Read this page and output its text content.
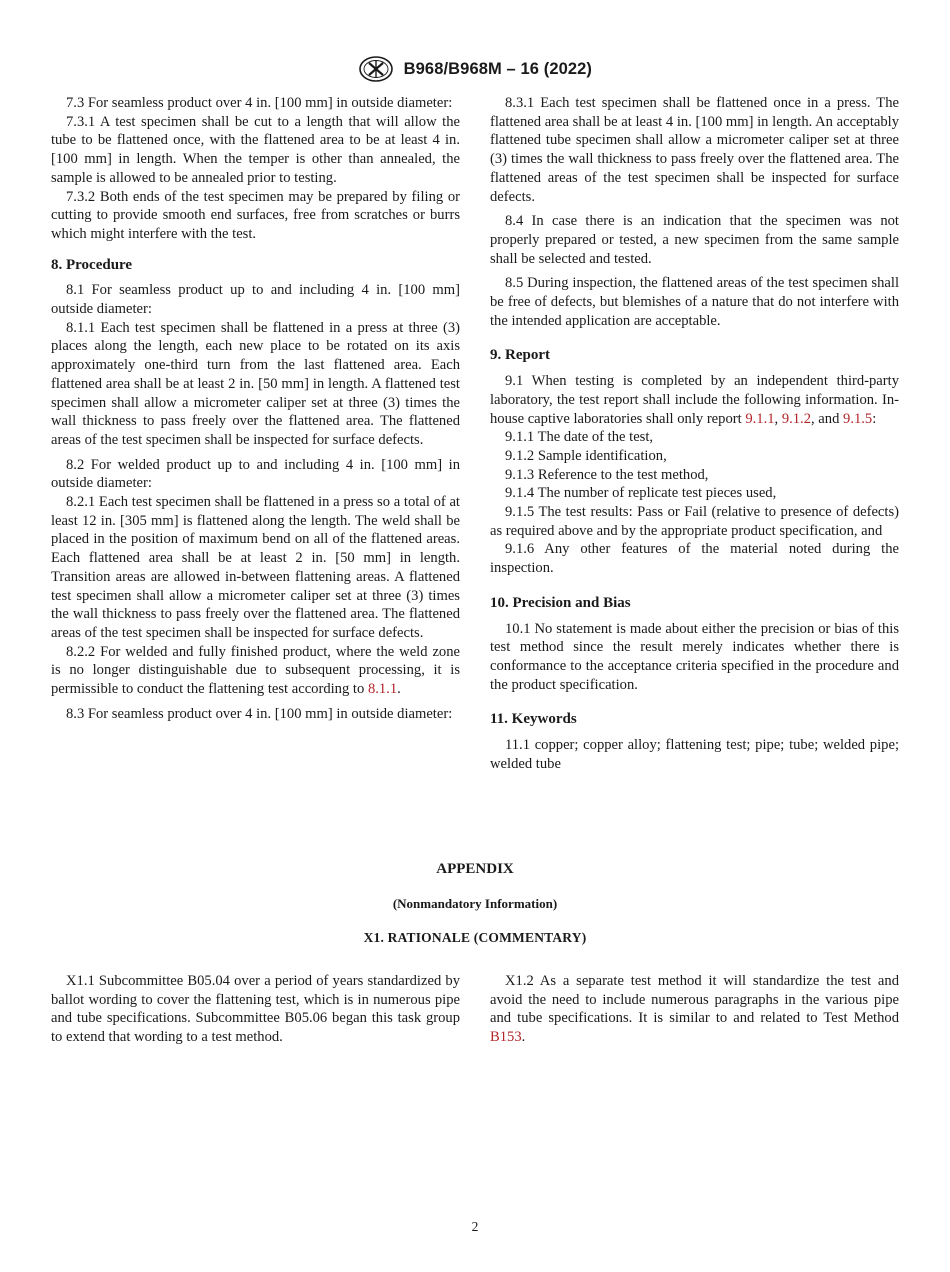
B968/B968M – 16 (2022)

7.3 For seamless product over 4 in. [100 mm] in outside diameter:

7.3.1 A test specimen shall be cut to a length that will allow the tube to be flattened once, with the flattened area to be at least 4 in. [100 mm] in length. When the temper is other than annealed, the sample is allowed to be annealed prior to testing.

7.3.2 Both ends of the test specimen may be prepared by filing or cutting to provide smooth end surfaces, free from scratches or burrs which might interfere with the test.

8. Procedure

8.1 For seamless product up to and including 4 in. [100 mm] outside diameter:

8.1.1 Each test specimen shall be flattened in a press at three (3) places along the length, each new place to be rotated on its axis approximately one-third turn from the last flattened area. Each flattened area shall be at least 2 in. [50 mm] in length. A flattened test specimen shall allow a micrometer caliper set at three (3) times the wall thickness to pass freely over the flattened area. The flattened areas of the test specimen shall be inspected for surface defects.

8.2 For welded product up to and including 4 in. [100 mm] in outside diameter:

8.2.1 Each test specimen shall be flattened in a press so a total of at least 12 in. [305 mm] is flattened along the length. The weld shall be placed in the position of maximum bend on all of the flattened areas. Each flattened area shall be at least 2 in. [50 mm] in length. Transition areas are allowed in-between flattening areas. A flattened test specimen shall allow a micrometer caliper set at three (3) times the wall thickness to pass freely over the flattened area. The flattened areas of the test specimen shall be inspected for surface defects.

8.2.2 For welded and fully finished product, where the weld zone is no longer distinguishable due to subsequent processing, it is permissible to conduct the flattening test according to 8.1.1.

8.3 For seamless product over 4 in. [100 mm] in outside diameter:

8.3.1 Each test specimen shall be flattened once in a press. The flattened area shall be at least 4 in. [100 mm] in length. An acceptably flattened tube specimen shall allow a micrometer caliper set at three (3) times the wall thickness to pass freely over the flattened area. The flattened areas of the test specimen shall be inspected for surface defects.

8.4 In case there is an indication that the specimen was not properly prepared or tested, a new specimen from the same sample shall be selected and tested.

8.5 During inspection, the flattened areas of the test specimen shall be free of defects, but blemishes of a nature that do not interfere with the intended application are acceptable.

9. Report

9.1 When testing is completed by an independent third-party laboratory, the test report shall include the following information. In-house captive laboratories shall only report 9.1.1, 9.1.2, and 9.1.5:

9.1.1 The date of the test,

9.1.2 Sample identification,

9.1.3 Reference to the test method,

9.1.4 The number of replicate test pieces used,

9.1.5 The test results: Pass or Fail (relative to presence of defects) as required above and by the appropriate product specification, and

9.1.6 Any other features of the material noted during the inspection.

10. Precision and Bias

10.1 No statement is made about either the precision or bias of this test method since the result merely indicates whether there is conformance to the acceptance criteria specified in the procedure and the product specification.

11. Keywords

11.1 copper; copper alloy; flattening test; pipe; tube; welded pipe; welded tube

APPENDIX
(Nonmandatory Information)
X1. RATIONALE (COMMENTARY)

X1.1 Subcommittee B05.04 over a period of years standardized by ballot wording to cover the flattening test, which is in numerous pipe and tube specifications. Subcommittee B05.06 began this task group to extend that wording to a test method.

X1.2 As a separate test method it will standardize the test and avoid the need to include numerous paragraphs in the various pipe and tube specifications. It is similar to and related to Test Method B153.

2
